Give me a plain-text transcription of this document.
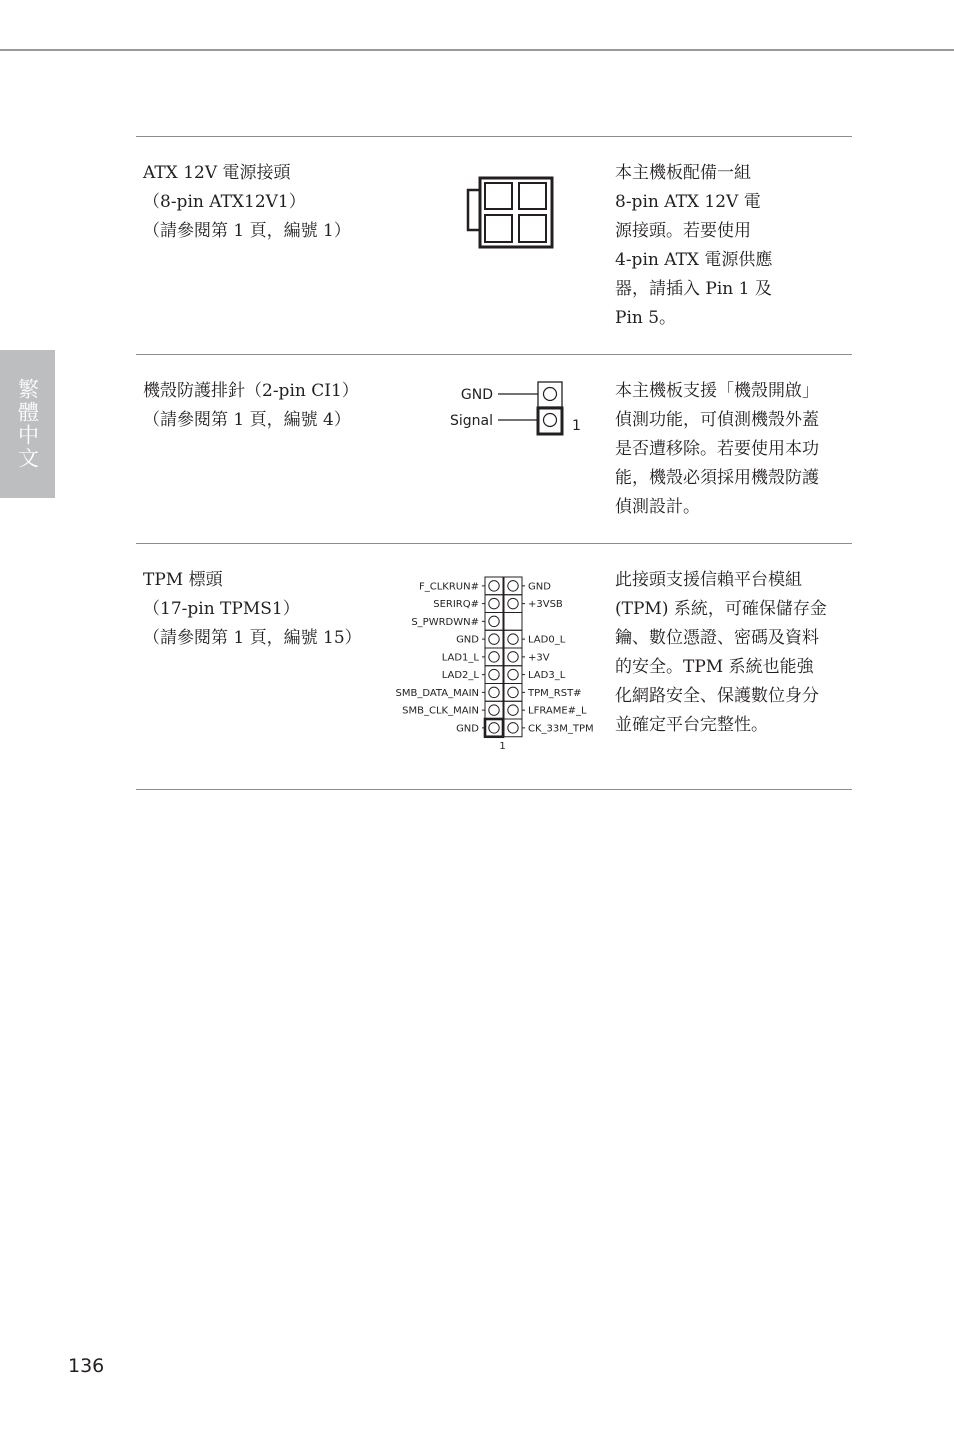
繁體中文
ATX 12V 電源接頭
（8-pin ATX12V1）
（請參閱第 1 頁，編號 1）
本主機板配備一組
8-pin ATX 12V 電
源接頭。若要使用
4-pin ATX 電源供應
器，請插入 Pin 1 及
Pin 5。
機殼防護排針（2-pin CI1）
（請參閱第 1 頁，編號 4）
GND
Signal	1
本主機板支援「機殼開啟」
偵測功能，可偵測機殼外蓋
是否遭移除。若要使用本功
能，機殼必須採用機殼防護
偵測設計。
TPM 標頭
（17-pin TPMS1）
（請參閱第 1 頁，編號 15）
F_CLKRUN#	GND
SERIRQ#	+3VSB
S_PWRDWN#
GND	LAD0_L
LAD1_L	+3V
LAD2_L	LAD3_L
SMB_DATA_MAIN	TPM_RST#
SMB_CLK_MAIN	LFRAME#_L
GND	CK_33M_TPM
1
此接頭支援信賴平台模組
(TPM) 系統，可確保儲存金
鑰、數位憑證、密碼及資料
的安全。TPM 系統也能強
化網路安全、保護數位身分
並確定平台完整性。
136
